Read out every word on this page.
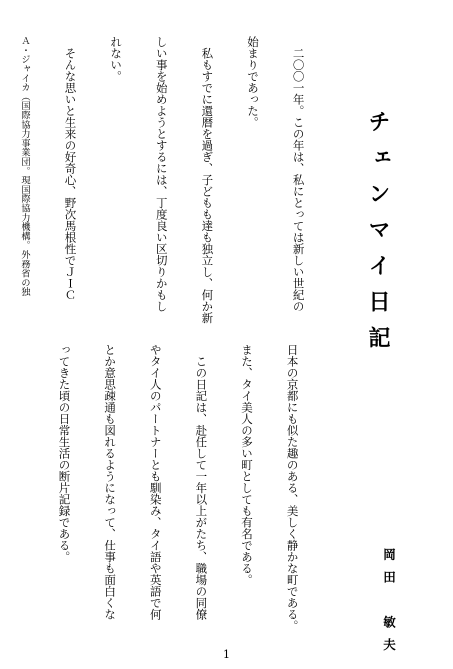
チェンマイ日記
岡田　敏夫

　二〇〇一年。この年は、私にとっては新しい世紀の

始まりであった。

　私もすでに還暦を過ぎ、子どもも達も独立し、何か新

しい事を始めようとするには、丁度良い区切りかもし

れない。

　そんな思いと生来の好奇心、野次馬根性でＪＩＣ

Ａ・ジャイカ（国際協力事業団。現国際協力機構。外務省の独

日本の京都にも似た趣のある、美しく静かな町である。

また、タイ美人の多い町としても有名である。

　この日記は、赴任して一年以上がたち、職場の同僚

やタイ人のパートナーとも馴染み、タイ語や英語で何

とか意思疎通も図れるようになって、仕事も面白くな

ってきた頃の日常生活の断片記録である。

1
